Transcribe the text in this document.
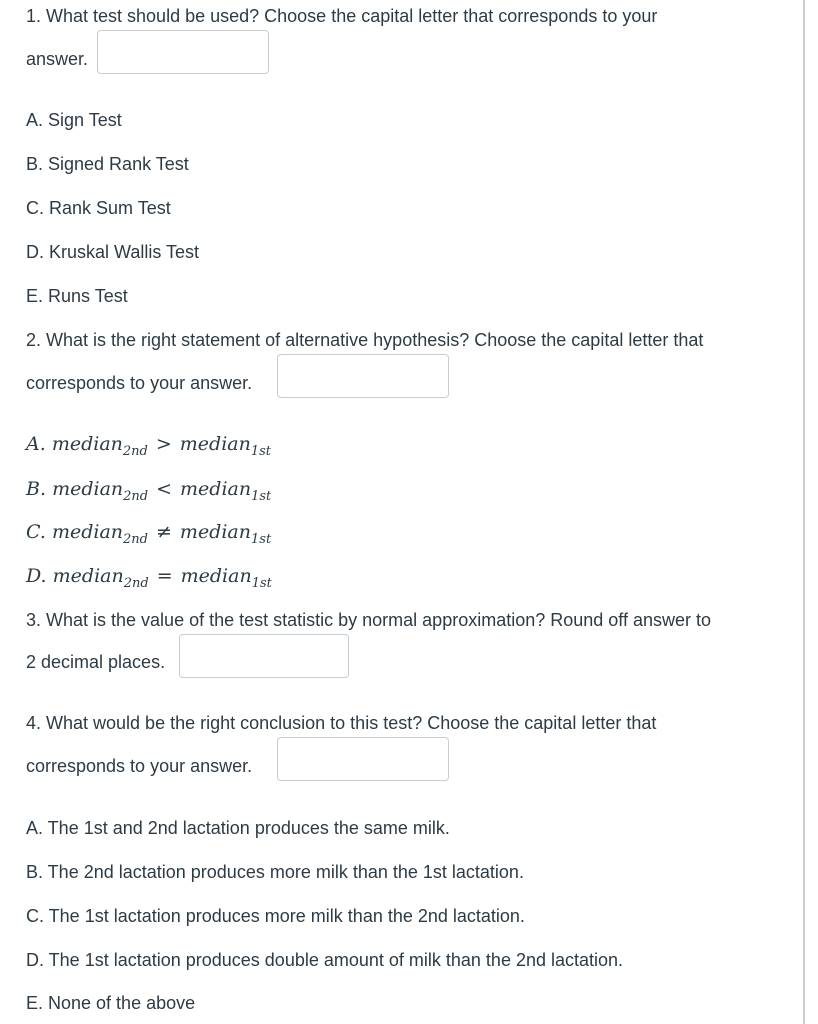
1. What test should be used? Choose the capital letter that corresponds to your
answer.
A. Sign Test
B. Signed Rank Test
C. Rank Sum Test
D. Kruskal Wallis Test
E. Runs Test
2. What is the right statement of alternative hypothesis? Choose the capital letter that
corresponds to your answer.
A. median$_{2nd}$ > median$_{1st}$
B. median$_{2nd}$ < median$_{1st}$
C. median$_{2nd}$ ≠ median$_{1st}$
D. median$_{2nd}$ = median$_{1st}$
3. What is the value of the test statistic by normal approximation? Round off answer to
2 decimal places.
4. What would be the right conclusion to this test? Choose the capital letter that
corresponds to your answer.
A. The 1st and 2nd lactation produces the same milk.
B. The 2nd lactation produces more milk than the 1st lactation.
C. The 1st lactation produces more milk than the 2nd lactation.
D. The 1st lactation produces double amount of milk than the 2nd lactation.
E. None of the above
